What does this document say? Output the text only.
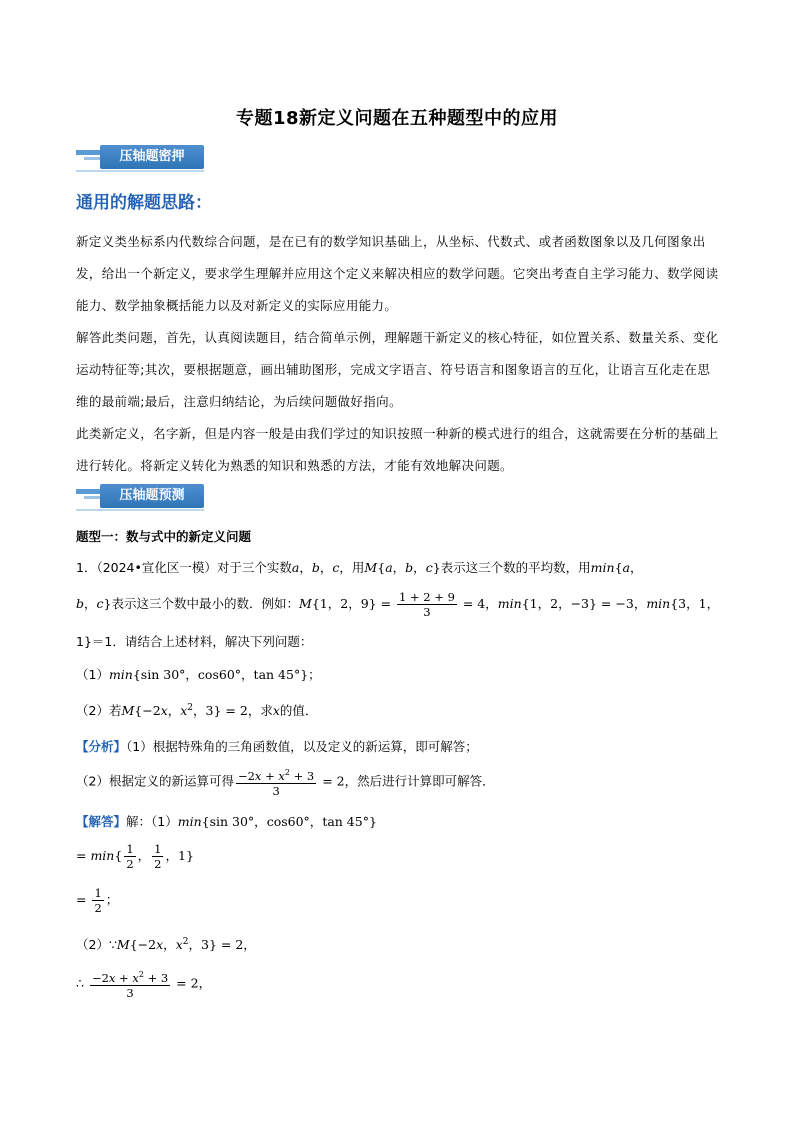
专题18新定义问题在五种题型中的应用
压轴题密押
通用的解题思路：

新定义类坐标系内代数综合问题，是在已有的数学知识基础上，从坐标、代数式、或者函数图象以及几何图象出发，给出一个新定义，要求学生理解并应用这个定义来解决相应的数学问题。它突出考查自主学习能力、数学阅读能力、数学抽象概括能力以及对新定义的实际应用能力。

解答此类问题，首先，认真阅读题目，结合简单示例，理解题干新定义的核心特征，如位置关系、数量关系、变化运动特征等;其次，要根据题意，画出辅助图形，完成文字语言、符号语言和图象语言的互化，让语言互化走在思维的最前端;最后，注意归纳结论，为后续问题做好指向。

此类新定义，名字新，但是内容一般是由我们学过的知识按照一种新的模式进行的组合，这就需要在分析的基础上进行转化。将新定义转化为熟悉的知识和熟悉的方法，才能有效地解决问题。

压轴题预测
题型一：数与式中的新定义问题
1．（2024•宣化区一模）对于三个实数a，b，c，用M{a，b，c}表示这三个数的平均数，用min{a，
b，c}表示这三个数中最小的数．例如：M{1，2，$9\} = \frac{1 + 2 + 9}{3} = 4$，min{1，2，−3} = −3，min{3，1，
1}＝1．请结合上述材料，解决下列问题：
（1）min{sin 30°，cos60°，tan 45°}；
（2）若M{−2x，$x^2$，3} = 2，求x的值．
【分析】（1）根据特殊角的三角函数值，以及定义的新运算，即可解答；
（2）根据定义的新运算可得 $\frac{-2x + x^2 + 3}{3} = 2$，然后进行计算即可解答．
【解答】解：（1）min{sin 30°，cos60°，tan 45°}
= $\min\{ \frac{1}{2}$ ， $\frac{1}{2}$ ，1}
= $\frac{1}{2}$ ；
（2）∵M{−2x，$x^2$，3} = 2，
∴ $\frac{-2x + x^2 + 3}{3} = 2$，
